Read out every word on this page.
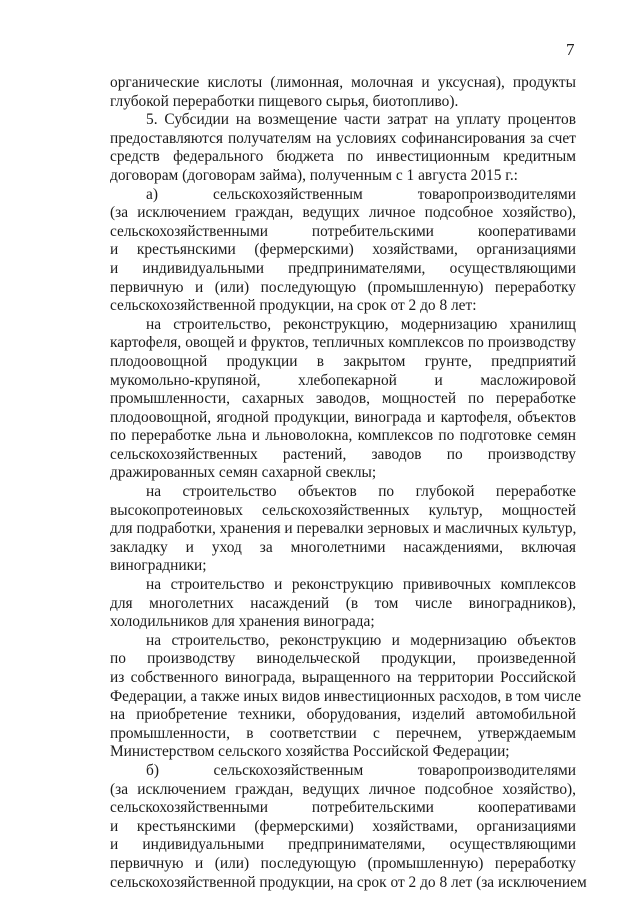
7
органические кислоты (лимонная, молочная и уксусная), продукты
глубокой переработки пищевого сырья, биотопливо).
5. Субсидии на возмещение части затрат на уплату процентов
предоставляются получателям на условиях софинансирования за счет
средств федерального бюджета по инвестиционным кредитным
договорам (договорам займа), полученным с 1 августа 2015 г.:
а) сельскохозяйственным товаропроизводителями
(за исключением граждан, ведущих личное подсобное хозяйство),
сельскохозяйственными потребительскими кооперативами
и крестьянскими (фермерскими) хозяйствами, организациями
и индивидуальными предпринимателями, осуществляющими
первичную и (или) последующую (промышленную) переработку
сельскохозяйственной продукции, на срок от 2 до 8 лет:
на строительство, реконструкцию, модернизацию хранилищ
картофеля, овощей и фруктов, тепличных комплексов по производству
плодоовощной продукции в закрытом грунте, предприятий
мукомольно-крупяной, хлебопекарной и масложировой
промышленности, сахарных заводов, мощностей по переработке
плодоовощной, ягодной продукции, винограда и картофеля, объектов
по переработке льна и льноволокна, комплексов по подготовке семян
сельскохозяйственных растений, заводов по производству
дражированных семян сахарной свеклы;
на строительство объектов по глубокой переработке
высокопротеиновых сельскохозяйственных культур, мощностей
для подработки, хранения и перевалки зерновых и масличных культур,
закладку и уход за многолетними насаждениями, включая
виноградники;
на строительство и реконструкцию прививочных комплексов
для многолетних насаждений (в том числе виноградников),
холодильников для хранения винограда;
на строительство, реконструкцию и модернизацию объектов
по производству винодельческой продукции, произведенной
из собственного винограда, выращенного на территории Российской
Федерации, а также иных видов инвестиционных расходов, в том числе
на приобретение техники, оборудования, изделий автомобильной
промышленности, в соответствии с перечнем, утверждаемым
Министерством сельского хозяйства Российской Федерации;
б) сельскохозяйственным товаропроизводителями
(за исключением граждан, ведущих личное подсобное хозяйство),
сельскохозяйственными потребительскими кооперативами
и крестьянскими (фермерскими) хозяйствами, организациями
и индивидуальными предпринимателями, осуществляющими
первичную и (или) последующую (промышленную) переработку
сельскохозяйственной продукции, на срок от 2 до 8 лет (за исключением
